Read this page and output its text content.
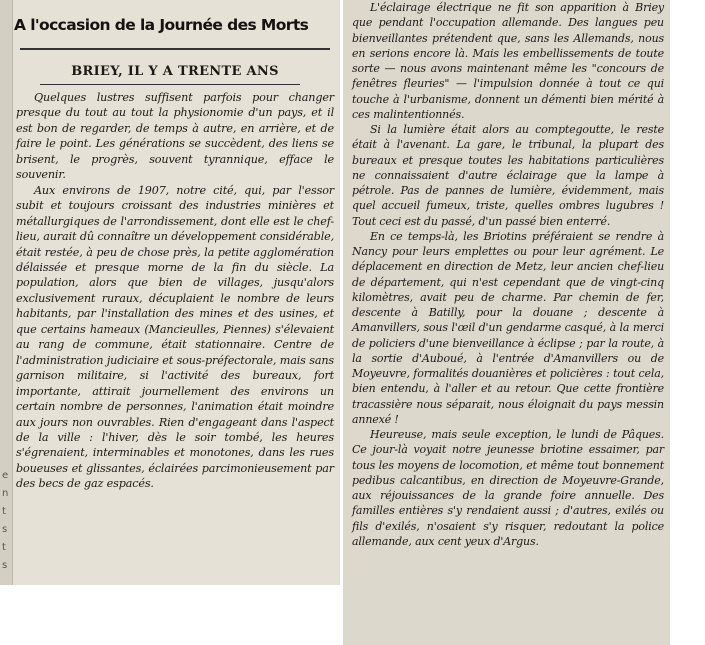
e
n
t
s
t
s
A l'occasion de la Journée des Morts
BRIEY, IL Y A TRENTE ANS

Quelques lustres suffisent parfois pour changer presque du tout au tout la physionomie d'un pays, et il est bon de regarder, de temps à autre, en arrière, et de faire le point. Les générations se succèdent, des liens se brisent, le progrès, souvent tyrannique, efface le souvenir.

Aux environs de 1907, notre cité, qui, par l'essor subit et toujours croissant des industries minières et métallurgiques de l'arrondissement, dont elle est le chef-lieu, aurait dû connaître un développement considérable, était restée, à peu de chose près, la petite agglomération délaissée et presque morne de la fin du siècle. La population, alors que bien de villages, jusqu'alors exclusivement ruraux, décuplaient le nombre de leurs habitants, par l'installation des mines et des usines, et que certains hameaux (Mancieulles, Piennes) s'élevaient au rang de commune, était stationnaire. Centre de l'administration judiciaire et sous-préfectorale, mais sans garnison militaire, si l'activité des bureaux, fort importante, attirait journellement des environs un certain nombre de personnes, l'animation était moindre aux jours non ouvrables. Rien d'engageant dans l'aspect de la ville : l'hiver, dès le soir tombé, les heures s'égrenaient, interminables et monotones, dans les rues boueuses et glissantes, éclairées parcimonieusement par des becs de gaz espacés.

L'éclairage électrique ne fit son apparition à Briey que pendant l'occupation allemande. Des langues peu bienveillantes prétendent que, sans les Allemands, nous en serions encore là. Mais les embellissements de toute sorte — nous avons maintenant même les "concours de fenêtres fleuries" — l'impulsion donnée à tout ce qui touche à l'urbanisme, donnent un démenti bien mérité à ces malintentionnés.

Si la lumière était alors au comptegoutte, le reste était à l'avenant. La gare, le tribunal, la plupart des bureaux et presque toutes les habitations particulières ne connaissaient d'autre éclairage que la lampe à pétrole. Pas de pannes de lumière, évidemment, mais quel accueil fumeux, triste, quelles ombres lugubres ! Tout ceci est du passé, d'un passé bien enterré.

En ce temps-là, les Briotins préféraient se rendre à Nancy pour leurs emplettes ou pour leur agrément. Le déplacement en direction de Metz, leur ancien chef-lieu de département, qui n'est cependant que de vingt-cinq kilomètres, avait peu de charme. Par chemin de fer, descente à Batilly, pour la douane ; descente à Amanvillers, sous l'œil d'un gendarme casqué, à la merci de policiers d'une bienveillance à éclipse ; par la route, à la sortie d'Auboué, à l'entrée d'Amanvillers ou de Moyeuvre, formalités douanières et policières : tout cela, bien entendu, à l'aller et au retour. Que cette frontière tracassière nous séparait, nous éloignait du pays messin annexé !

Heureuse, mais seule exception, le lundi de Pâques. Ce jour-là voyait notre jeunesse briotine essaimer, par tous les moyens de locomotion, et même tout bonnement pedibus calcantibus, en direction de Moyeuvre-Grande, aux réjouissances de la grande foire annuelle. Des familles entières s'y rendaient aussi ; d'autres, exilés ou fils d'exilés, n'osaient s'y risquer, redoutant la police allemande, aux cent yeux d'Argus.
